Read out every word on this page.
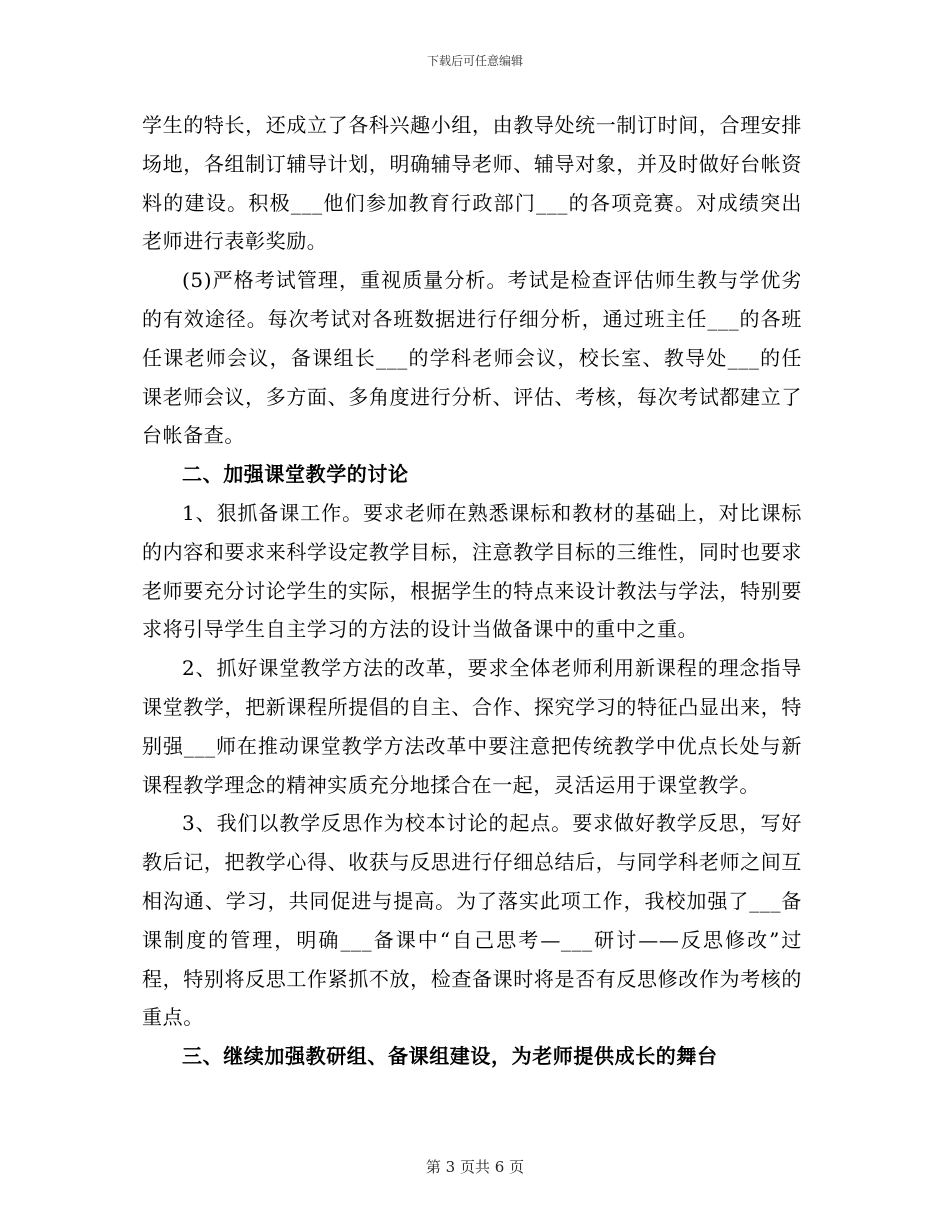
下载后可任意编辑

学生的特长，还成立了各科兴趣小组，由教导处统一制订时间，合理安排场地，各组制订辅导计划，明确辅导老师、辅导对象，并及时做好台帐资料的建设。积极___他们参加教育行政部门___的各项竞赛。对成绩突出老师进行表彰奖励。

(5)严格考试管理，重视质量分析。考试是检查评估师生教与学优劣的有效途径。每次考试对各班数据进行仔细分析，通过班主任___的各班任课老师会议，备课组长___的学科老师会议，校长室、教导处___的任课老师会议，多方面、多角度进行分析、评估、考核，每次考试都建立了台帐备查。

二、加强课堂教学的讨论

1、狠抓备课工作。要求老师在熟悉课标和教材的基础上，对比课标的内容和要求来科学设定教学目标，注意教学目标的三维性，同时也要求老师要充分讨论学生的实际，根据学生的特点来设计教法与学法，特别要求将引导学生自主学习的方法的设计当做备课中的重中之重。

2、抓好课堂教学方法的改革，要求全体老师利用新课程的理念指导课堂教学，把新课程所提倡的自主、合作、探究学习的特征凸显出来，特别强___师在推动课堂教学方法改革中要注意把传统教学中优点长处与新课程教学理念的精神实质充分地揉合在一起，灵活运用于课堂教学。

3、我们以教学反思作为校本讨论的起点。要求做好教学反思，写好教后记，把教学心得、收获与反思进行仔细总结后，与同学科老师之间互相沟通、学习，共同促进与提高。为了落实此项工作，我校加强了___备课制度的管理，明确___备课中“自己思考—___研讨——反思修改”过程，特别将反思工作紧抓不放，检查备课时将是否有反思修改作为考核的重点。

三、继续加强教研组、备课组建设，为老师提供成长的舞台

第 3 页共 6 页
